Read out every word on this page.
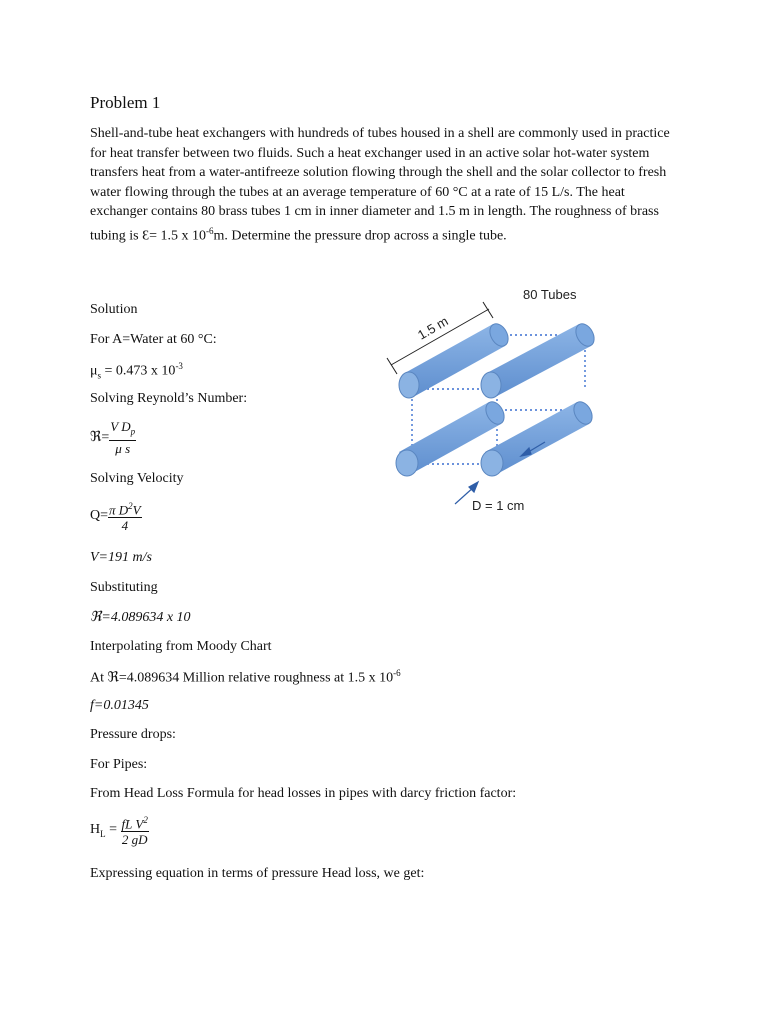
Problem 1

Shell-and-tube heat exchangers with hundreds of tubes housed in a shell are commonly used in practice for heat transfer between two fluids. Such a heat exchanger used in an active solar hot-water system transfers heat from a water-antifreeze solution flowing through the shell and the solar collector to fresh water flowing through the tubes at an average temperature of 60 °C at a rate of 15 L/s. The heat exchanger contains 80 brass tubes 1 cm in inner diameter and 1.5 m in length. The roughness of brass tubing is Ɛ= 1.5 x $10^{-6}m$. Determine the pressure drop across a single tube.

80 Tubes
1.5 m
D = 1 cm
Solution
For A=Water at 60 °C:
$\mu_s = 0.473$ x $10^{-3}$
Solving Reynold’s Number:
ℜ= $\frac{V D_p}{\text{μ s}}$
Solving Velocity
$Q= \frac{\pi D^2V}{4}$
V=191 m/s
Substituting
ℜ=4.089634 x 10
Interpolating from Moody Chart
At ℜ=4.089634 Million relative roughness at 1.5 x $10^{-6}$
f=0.01345
Pressure drops:
For Pipes:
From Head Loss Formula for head losses in pipes with darcy friction factor:
$H_L = \frac{fL V^2}{2 gD}$
Expressing equation in terms of pressure Head loss, we get:
